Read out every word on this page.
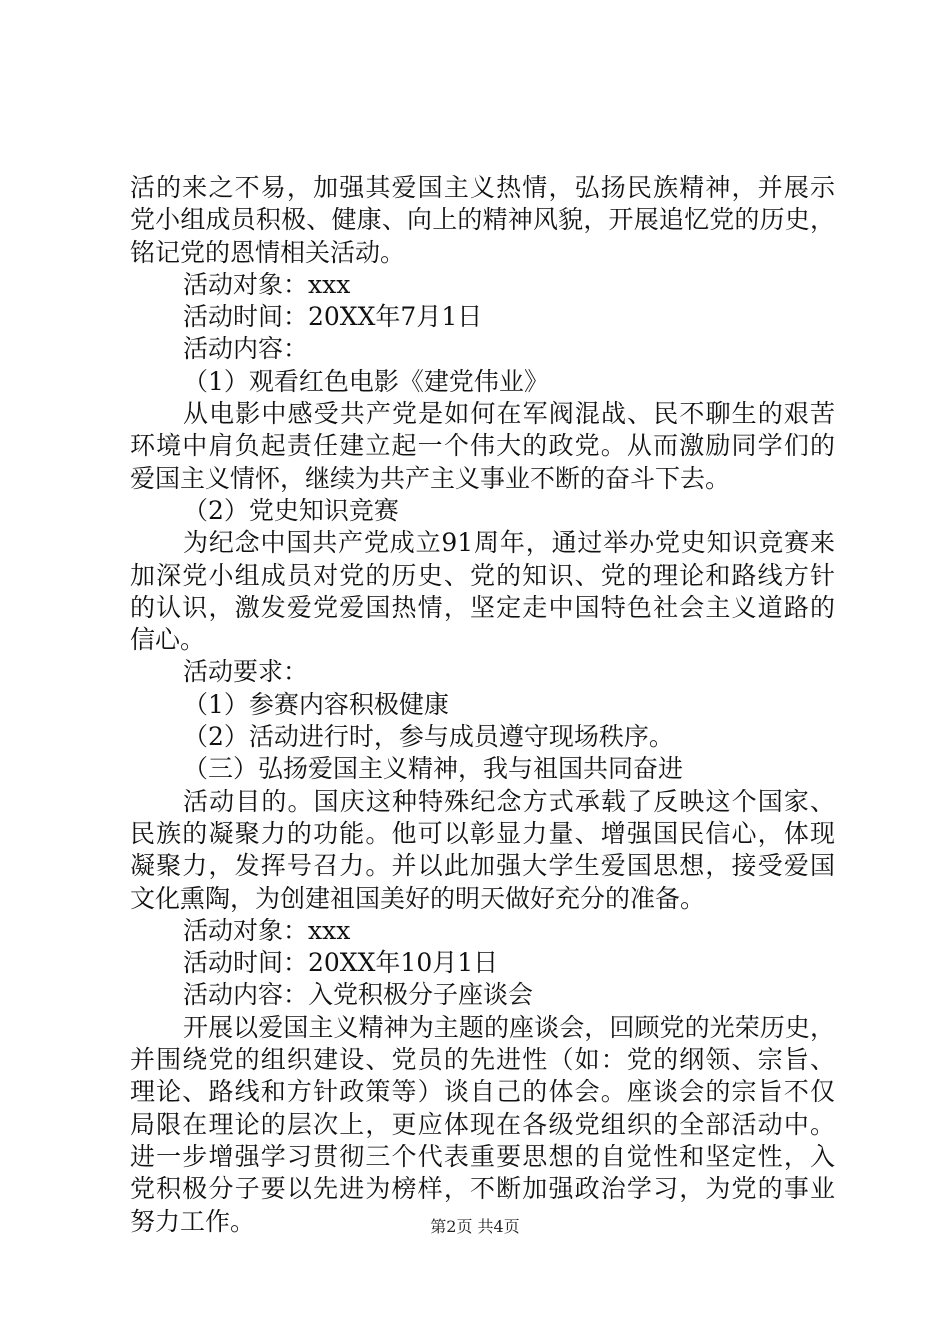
活的来之不易，加强其爱国主义热情，弘扬民族精神，并展示
党小组成员积极、健康、向上的精神风貌，开展追忆党的历史，
铭记党的恩情相关活动。
活动对象：xxx
活动时间：20XX年7月1日
活动内容：
（1）观看红色电影《建党伟业》
从电影中感受共产党是如何在军阀混战、民不聊生的艰苦
环境中肩负起责任建立起一个伟大的政党。从而激励同学们的
爱国主义情怀，继续为共产主义事业不断的奋斗下去。
（2）党史知识竞赛
为纪念中国共产党成立91周年，通过举办党史知识竞赛来
加深党小组成员对党的历史、党的知识、党的理论和路线方针
的认识，激发爱党爱国热情，坚定走中国特色社会主义道路的
信心。
活动要求：
（1）参赛内容积极健康
（2）活动进行时，参与成员遵守现场秩序。
（三）弘扬爱国主义精神，我与祖国共同奋进
活动目的。国庆这种特殊纪念方式承载了反映这个国家、
民族的凝聚力的功能。他可以彰显力量、增强国民信心，体现
凝聚力，发挥号召力。并以此加强大学生爱国思想，接受爱国
文化熏陶，为创建祖国美好的明天做好充分的准备。
活动对象：xxx
活动时间：20XX年10月1日
活动内容：入党积极分子座谈会
开展以爱国主义精神为主题的座谈会，回顾党的光荣历史，
并围绕党的组织建设、党员的先进性（如：党的纲领、宗旨、
理论、路线和方针政策等）谈自己的体会。座谈会的宗旨不仅
局限在理论的层次上，更应体现在各级党组织的全部活动中。
进一步增强学习贯彻三个代表重要思想的自觉性和坚定性，入
党积极分子要以先进为榜样，不断加强政治学习，为党的事业
努力工作。	第2页 共4页
